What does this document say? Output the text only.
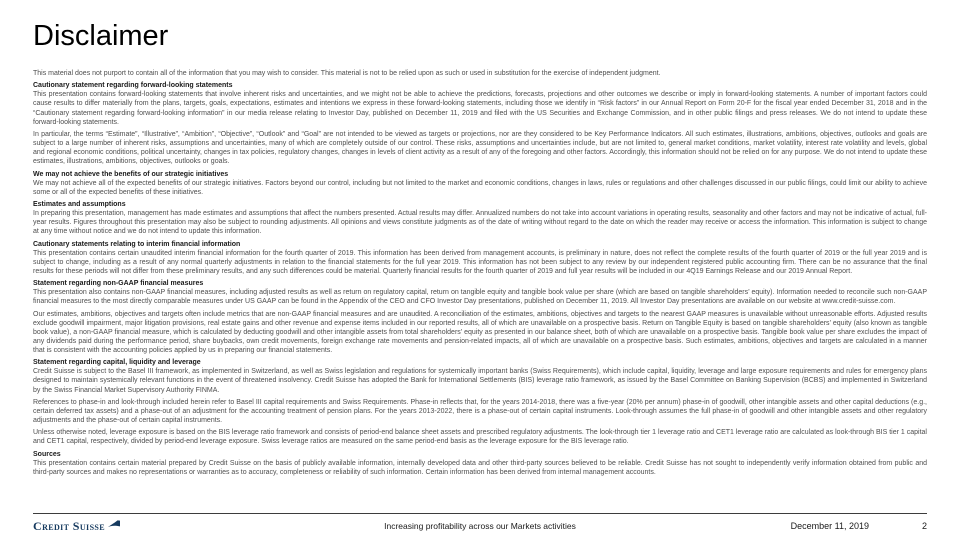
Disclaimer

This material does not purport to contain all of the information that you may wish to consider. This material is not to be relied upon as such or used in substitution for the exercise of independent judgment.

Cautionary statement regarding forward-looking statements

This presentation contains forward-looking statements that involve inherent risks and uncertainties, and we might not be able to achieve the predictions, forecasts, projections and other outcomes we describe or imply in forward-looking statements. A number of important factors could cause results to differ materially from the plans, targets, goals, expectations, estimates and intentions we express in these forward-looking statements, including those we identify in “Risk factors” in our Annual Report on Form 20-F for the fiscal year ended December 31, 2018 and in the “Cautionary statement regarding forward-looking information” in our media release relating to Investor Day, published on December 11, 2019 and filed with the US Securities and Exchange Commission, and in other public filings and press releases. We do not intend to update these forward-looking statements.

In particular, the terms “Estimate”, “Illustrative”, “Ambition”, “Objective”, “Outlook” and “Goal” are not intended to be viewed as targets or projections, nor are they considered to be Key Performance Indicators. All such estimates, illustrations, ambitions, objectives, outlooks and goals are subject to a large number of inherent risks, assumptions and uncertainties, many of which are completely outside of our control. These risks, assumptions and uncertainties include, but are not limited to, general market conditions, market volatility, interest rate volatility and levels, global and regional economic conditions, political uncertainty, changes in tax policies, regulatory changes, changes in levels of client activity as a result of any of the foregoing and other factors. Accordingly, this information should not be relied on for any purpose. We do not intend to update these estimates, illustrations, ambitions, objectives, outlooks or goals.

We may not achieve the benefits of our strategic initiatives

We may not achieve all of the expected benefits of our strategic initiatives. Factors beyond our control, including but not limited to the market and economic conditions, changes in laws, rules or regulations and other challenges discussed in our public filings, could limit our ability to achieve some or all of the expected benefits of these initiatives.

Estimates and assumptions

In preparing this presentation, management has made estimates and assumptions that affect the numbers presented. Actual results may differ. Annualized numbers do not take into account variations in operating results, seasonality and other factors and may not be indicative of actual, full-year results. Figures throughout this presentation may also be subject to rounding adjustments. All opinions and views constitute judgments as of the date of writing without regard to the date on which the reader may receive or access the information. This information is subject to change at any time without notice and we do not intend to update this information.

Cautionary statements relating to interim financial information

This presentation contains certain unaudited interim financial information for the fourth quarter of 2019. This information has been derived from management accounts, is preliminary in nature, does not reflect the complete results of the fourth quarter of 2019 or the full year 2019 and is subject to change, including as a result of any normal quarterly adjustments in relation to the financial statements for the full year 2019. This information has not been subject to any review by our independent registered public accounting firm. There can be no assurance that the final results for these periods will not differ from these preliminary results, and any such differences could be material. Quarterly financial results for the fourth quarter of 2019 and full year results will be included in our 4Q19 Earnings Release and our 2019 Annual Report.

Statement regarding non-GAAP financial measures

This presentation also contains non-GAAP financial measures, including adjusted results as well as return on regulatory capital, return on tangible equity and tangible book value per share (which are based on tangible shareholders’ equity). Information needed to reconcile such non-GAAP financial measures to the most directly comparable measures under US GAAP can be found in the Appendix of the CEO and CFO Investor Day presentations, published on December 11, 2019. All Investor Day presentations are available on our website at www.credit-suisse.com.

Our estimates, ambitions, objectives and targets often include metrics that are non-GAAP financial measures and are unaudited. A reconciliation of the estimates, ambitions, objectives and targets to the nearest GAAP measures is unavailable without unreasonable efforts. Adjusted results exclude goodwill impairment, major litigation provisions, real estate gains and other revenue and expense items included in our reported results, all of which are unavailable on a prospective basis. Return on Tangible Equity is based on tangible shareholders’ equity (also known as tangible book value), a non-GAAP financial measure, which is calculated by deducting goodwill and other intangible assets from total shareholders’ equity as presented in our balance sheet, both of which are unavailable on a prospective basis. Tangible book value per share excludes the impact of any dividends paid during the performance period, share buybacks, own credit movements, foreign exchange rate movements and pension-related impacts, all of which are unavailable on a prospective basis. Such estimates, ambitions, objectives and targets are calculated in a manner that is consistent with the accounting policies applied by us in preparing our financial statements.

Statement regarding capital, liquidity and leverage

Credit Suisse is subject to the Basel III framework, as implemented in Switzerland, as well as Swiss legislation and regulations for systemically important banks (Swiss Requirements), which include capital, liquidity, leverage and large exposure requirements and rules for emergency plans designed to maintain systemically relevant functions in the event of threatened insolvency. Credit Suisse has adopted the Bank for International Settlements (BIS) leverage ratio framework, as issued by the Basel Committee on Banking Supervision (BCBS) and implemented in Switzerland by the Swiss Financial Market Supervisory Authority FINMA.

References to phase-in and look-through included herein refer to Basel III capital requirements and Swiss Requirements. Phase-in reflects that, for the years 2014-2018, there was a five-year (20% per annum) phase-in of goodwill, other intangible assets and other capital deductions (e.g., certain deferred tax assets) and a phase-out of an adjustment for the accounting treatment of pension plans. For the years 2013-2022, there is a phase-out of certain capital instruments. Look-through assumes the full phase-in of goodwill and other intangible assets and other regulatory adjustments and the phase-out of certain capital instruments.

Unless otherwise noted, leverage exposure is based on the BIS leverage ratio framework and consists of period-end balance sheet assets and prescribed regulatory adjustments. The look-through tier 1 leverage ratio and CET1 leverage ratio are calculated as look-through BIS tier 1 capital and CET1 capital, respectively, divided by period-end leverage exposure. Swiss leverage ratios are measured on the same period-end basis as the leverage exposure for the BIS leverage ratio.

Sources

This presentation contains certain material prepared by Credit Suisse on the basis of publicly available information, internally developed data and other third-party sources believed to be reliable. Credit Suisse has not sought to independently verify information obtained from public and third-party sources and makes no representations or warranties as to accuracy, completeness or reliability of such information. Certain information has been derived from internal management accounts.

Credit Suisse	Increasing profitability across our Markets activities	December 11, 2019	2
